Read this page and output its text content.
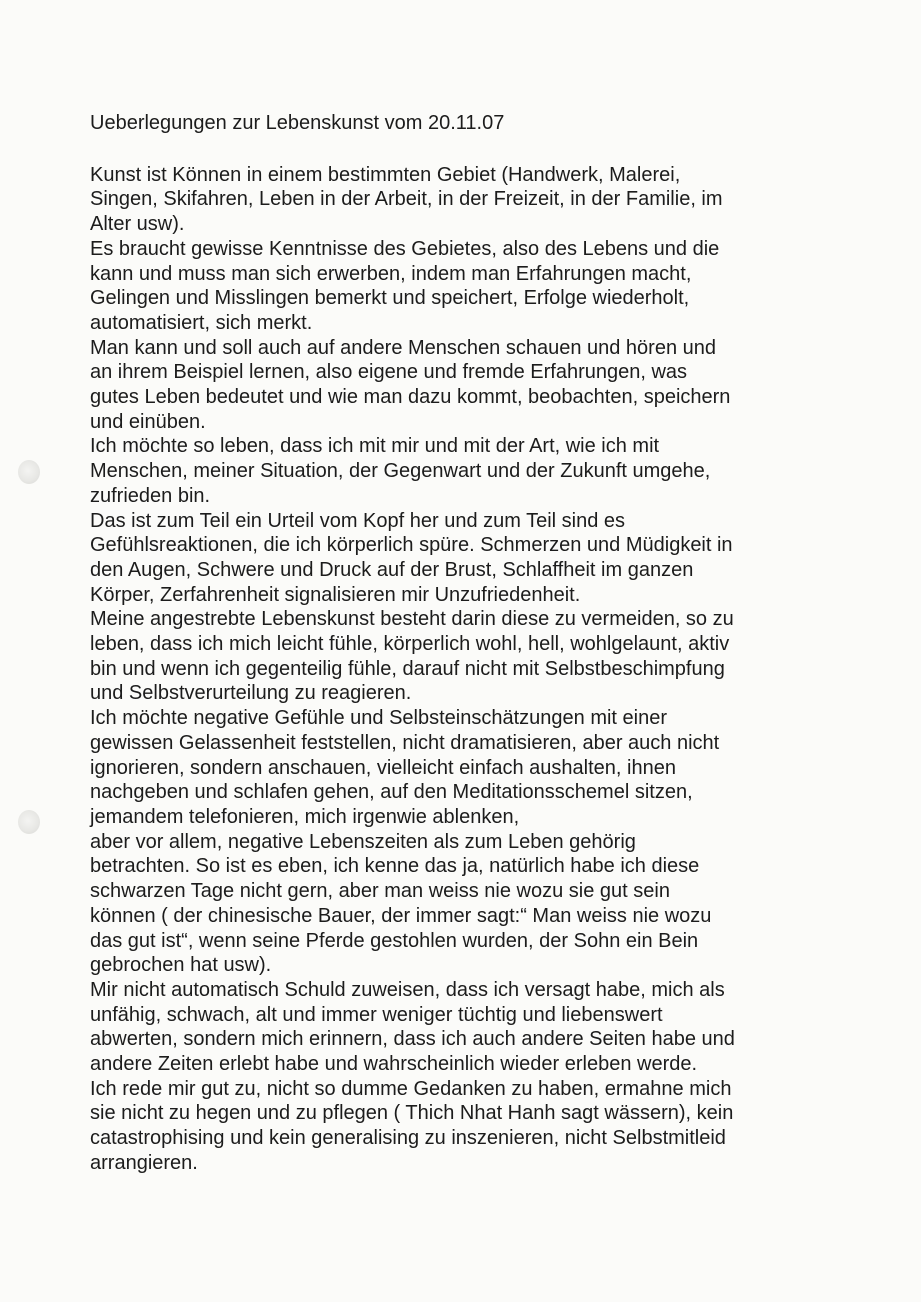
Ueberlegungen zur Lebenskunst vom 20.11.07
Kunst ist Können in einem bestimmten Gebiet (Handwerk, Malerei,
Singen, Skifahren, Leben in der Arbeit, in der Freizeit, in der Familie, im
Alter usw).
Es braucht gewisse Kenntnisse des Gebietes, also des Lebens und die
kann und muss man sich erwerben, indem man Erfahrungen macht,
Gelingen und Misslingen bemerkt und speichert, Erfolge wiederholt,
automatisiert, sich merkt.
Man kann und soll auch auf andere Menschen schauen und hören und
an ihrem Beispiel lernen, also eigene und fremde Erfahrungen, was
gutes Leben bedeutet und wie man dazu kommt, beobachten, speichern
und einüben.
Ich möchte so leben, dass ich mit mir und mit der Art, wie ich mit
Menschen, meiner Situation, der Gegenwart und der Zukunft umgehe,
zufrieden bin.
Das ist zum Teil ein Urteil vom Kopf her und zum Teil sind es
Gefühlsreaktionen, die ich körperlich spüre. Schmerzen und Müdigkeit in
den Augen, Schwere und Druck auf der Brust, Schlaffheit im ganzen
Körper, Zerfahrenheit signalisieren mir Unzufriedenheit.
Meine angestrebte Lebenskunst besteht darin diese zu vermeiden, so zu
leben, dass ich mich leicht fühle, körperlich wohl, hell, wohlgelaunt, aktiv
bin und wenn ich gegenteilig fühle, darauf nicht mit Selbstbeschimpfung
und Selbstverurteilung zu reagieren.
Ich möchte negative Gefühle und Selbsteinschätzungen mit einer
gewissen Gelassenheit feststellen, nicht dramatisieren, aber auch nicht
ignorieren, sondern anschauen, vielleicht einfach aushalten, ihnen
nachgeben und schlafen gehen, auf den Meditationsschemel sitzen,
jemandem telefonieren, mich irgenwie ablenken,
aber vor allem, negative Lebenszeiten als zum Leben gehörig
betrachten. So ist es eben, ich kenne das ja, natürlich habe ich diese
schwarzen Tage nicht gern, aber man weiss nie wozu sie gut sein
können ( der chinesische Bauer, der immer sagt:“ Man weiss nie wozu
das gut ist“, wenn seine Pferde gestohlen wurden, der Sohn ein Bein
gebrochen hat usw).
Mir nicht automatisch Schuld zuweisen, dass ich versagt habe, mich als
unfähig, schwach, alt und immer weniger tüchtig und liebenswert
abwerten, sondern mich erinnern, dass ich auch andere Seiten habe und
andere Zeiten erlebt habe und wahrscheinlich wieder erleben werde.
Ich rede mir gut zu, nicht so dumme Gedanken zu haben, ermahne mich
sie nicht zu hegen und zu pflegen ( Thich Nhat Hanh sagt wässern), kein
catastrophising und kein generalising zu inszenieren, nicht Selbstmitleid
arrangieren.
